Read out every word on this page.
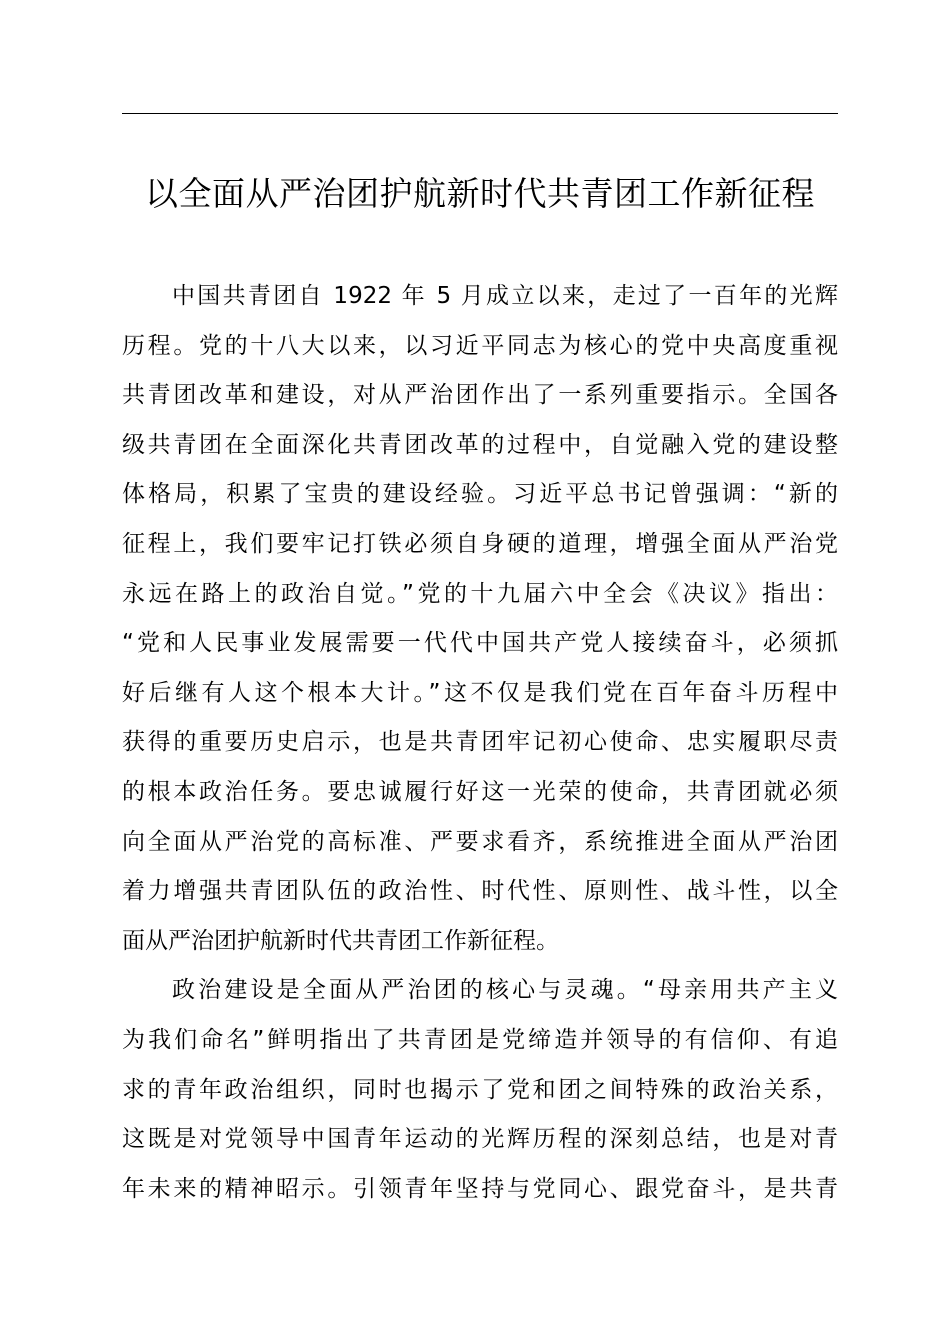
以全面从严治团护航新时代共青团工作新征程
中国共青团自 1922 年 5 月成立以来，走过了一百年的光辉
历程。党的十八大以来，以习近平同志为核心的党中央高度重视
共青团改革和建设，对从严治团作出了一系列重要指示。全国各
级共青团在全面深化共青团改革的过程中，自觉融入党的建设整
体格局，积累了宝贵的建设经验。习近平总书记曾强调：“新的
征程上，我们要牢记打铁必须自身硬的道理，增强全面从严治党
永远在路上的政治自觉。”党的十九届六中全会《决议》指出：
“党和人民事业发展需要一代代中国共产党人接续奋斗，必须抓
好后继有人这个根本大计。”这不仅是我们党在百年奋斗历程中
获得的重要历史启示，也是共青团牢记初心使命、忠实履职尽责
的根本政治任务。要忠诚履行好这一光荣的使命，共青团就必须
向全面从严治党的高标准、严要求看齐，系统推进全面从严治团
着力增强共青团队伍的政治性、时代性、原则性、战斗性，以全
面从严治团护航新时代共青团工作新征程。
政治建设是全面从严治团的核心与灵魂。“母亲用共产主义
为我们命名”鲜明指出了共青团是党缔造并领导的有信仰、有追
求的青年政治组织，同时也揭示了党和团之间特殊的政治关系，
这既是对党领导中国青年运动的光辉历程的深刻总结，也是对青
年未来的精神昭示。引领青年坚持与党同心、跟党奋斗，是共青
